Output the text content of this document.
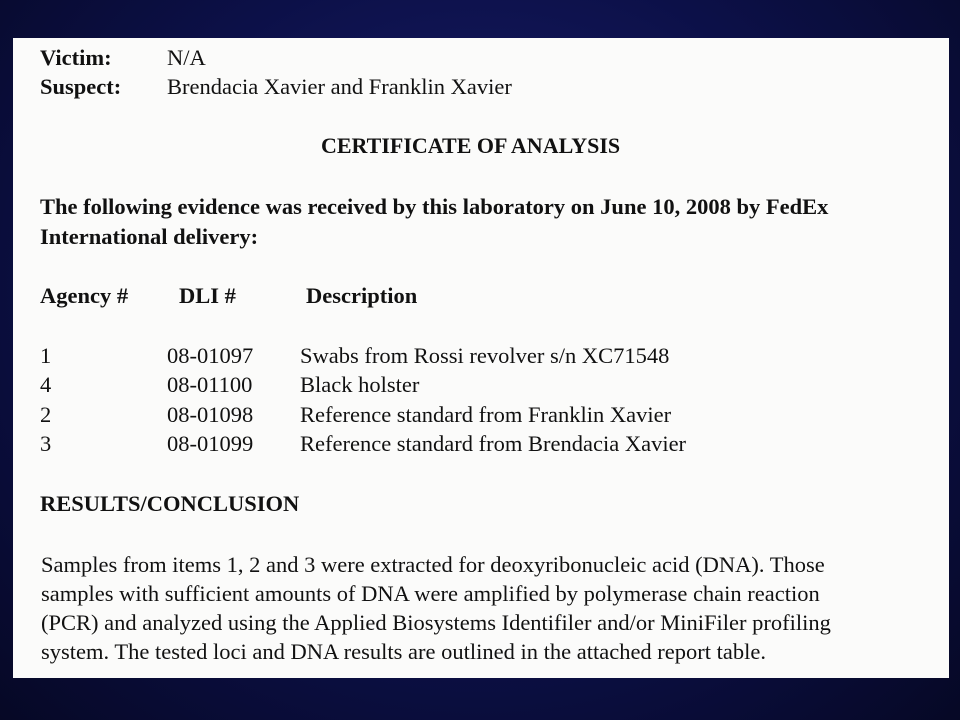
Victim: N/A
Suspect: Brendacia Xavier and Franklin Xavier
CERTIFICATE OF ANALYSIS
The following evidence was received by this laboratory on June 10, 2008 by FedEx
International delivery:
Agency # DLI #	Description
1	08-01097 Swabs from Rossi revolver s/n XC71548
4	08-01100 Black holster
2	08-01098 Reference standard from Franklin Xavier
3	08-01099 Reference standard from Brendacia Xavier
RESULTS/CONCLUSION
Samples from items 1, 2 and 3 were extracted for deoxyribonucleic acid (DNA). Those
samples with sufficient amounts of DNA were amplified by polymerase chain reaction
(PCR) and analyzed using the Applied Biosystems Identifiler and/or MiniFiler profiling
system. The tested loci and DNA results are outlined in the attached report table.
